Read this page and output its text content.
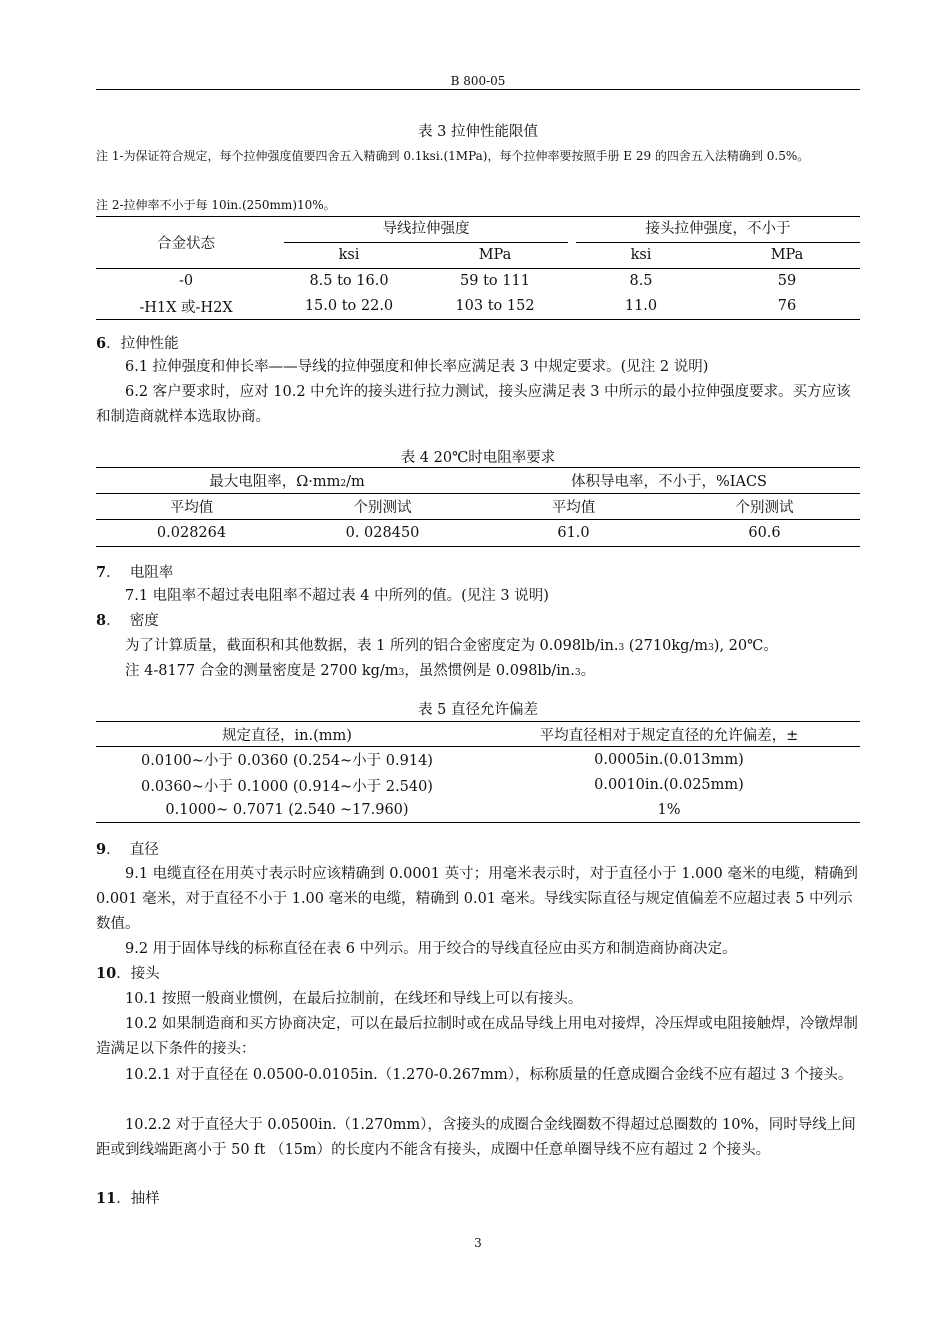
B 800-05
表 3 拉伸性能限值
注 1-为保证符合规定，每个拉伸强度值要四舍五入精确到 0.1ksi.(1MPa)，每个拉伸率要按照手册 E 29 的四舍五入法精确到 0.5%。
注 2-拉伸率不小于每 10in.(250mm)10%。
合金状态	导线拉伸强度		接头拉伸强度，不小于	

	ksi	MPa	ksi	MPa
-0	8.5 to 16.0	59 to 111	8.5	59
-H1X 或-H2X	15.0 to 22.0	103 to 152	11.0	76
6．拉伸性能
6.1 拉伸强度和伸长率——导线的拉伸强度和伸长率应满足表 3 中规定要求。(见注 2 说明)
6.2 客户要求时，应对 10.2 中允许的接头进行拉力测试，接头应满足表 3 中所示的最小拉伸强度要求。买方应该和制造商就样本选取协商。
表 4 20℃时电阻率要求
最大电阻率，Ω·mm2/m		体积导电率，不小于，%IACS	
平均值	个别测试	平均值	个别测试
0.028264	0. 028450	61.0	60.6
7．  电阻率
7.1 电阻率不超过表电阻率不超过表 4 中所列的值。(见注 3 说明)
8．  密度
为了计算质量，截面积和其他数据，表 1 所列的铝合金密度定为 0.098lb/in.3 (2710kg/m3), 20℃。
注 4-8177 合金的测量密度是 2700 kg/m3，虽然惯例是 0.098lb/in.3。
表 5 直径允许偏差
规定直径，in.(mm)	平均直径相对于规定直径的允许偏差，±
0.0100~小于 0.0360 (0.254~小于 0.914)	0.0005in.(0.013mm)
0.0360~小于 0.1000 (0.914~小于 2.540)	0.0010in.(0.025mm)
0.1000~ 0.7071 (2.540 ~17.960)	1%
9．  直径
9.1 电缆直径在用英寸表示时应该精确到 0.0001 英寸；用毫米表示时，对于直径小于 1.000 毫米的电缆，精确到 0.001 毫米，对于直径不小于 1.00 毫米的电缆，精确到 0.01 毫米。导线实际直径与规定值偏差不应超过表 5 中列示数值。
9.2 用于固体导线的标称直径在表 6 中列示。用于绞合的导线直径应由买方和制造商协商决定。
10．接头
10.1 按照一般商业惯例，在最后拉制前，在线坯和导线上可以有接头。
10.2 如果制造商和买方协商决定，可以在最后拉制时或在成品导线上用电对接焊，冷压焊或电阻接触焊，冷镦焊制造满足以下条件的接头：
10.2.1 对于直径在 0.0500-0.0105in.（1.270-0.267mm），标称质量的任意成圈合金线不应有超过 3 个接头。
10.2.2 对于直径大于 0.0500in.（1.270mm），含接头的成圈合金线圈数不得超过总圈数的 10%，同时导线上间距或到线端距离小于 50 ft （15m）的长度内不能含有接头，成圈中任意单圈导线不应有超过 2 个接头。
11．抽样
3
